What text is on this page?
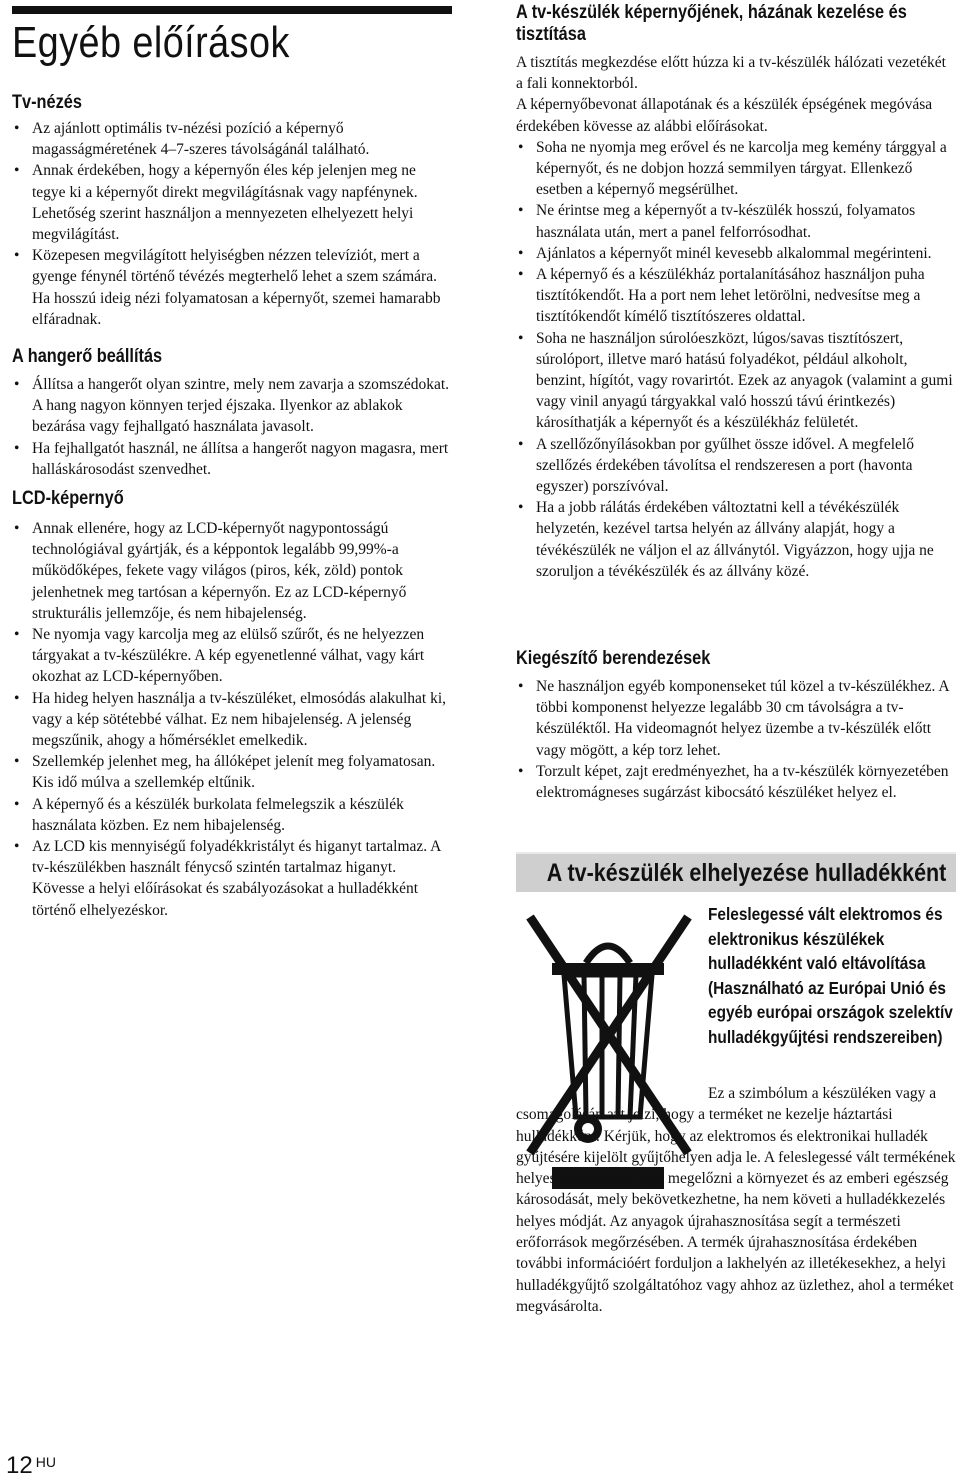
Egyéb előírások
Tv-nézés
• Az ajánlott optimális tv-nézési pozíció a képernyő magasságméretének 4–7-szeres távolságánál található.
• Annak érdekében, hogy a képernyőn éles kép jelenjen meg ne tegye ki a képernyőt direkt megvilágításnak vagy napfénynek. Lehetőség szerint használjon a mennyezeten elhelyezett helyi megvilágítást.
• Közepesen megvilágított helyiségben nézzen televíziót, mert a gyenge fénynél történő tévézés megterhelő lehet a szem számára. Ha hosszú ideig nézi folyamatosan a képernyőt, szemei hamarabb elfáradnak.
A hangerő beállítás
• Állítsa a hangerőt olyan szintre, mely nem zavarja a szomszédokat. A hang nagyon könnyen terjed éjszaka. Ilyenkor az ablakok bezárása vagy fejhallgató használata javasolt.
• Ha fejhallgatót használ, ne állítsa a hangerőt nagyon magasra, mert halláskárosodást szenvedhet.
LCD-képernyő
• Annak ellenére, hogy az LCD-képernyőt nagypontosságú technológiával gyártják, és a képpontok legalább 99,99%-a működőképes, fekete vagy világos (piros, kék, zöld) pontok jelenhetnek meg tartósan a képernyőn. Ez az LCD-képernyő strukturális jellemzője, és nem hibajelenség.
• Ne nyomja vagy karcolja meg az elülső szűrőt, és ne helyezzen tárgyakat a tv-készülékre. A kép egyenetlenné válhat, vagy kárt okozhat az LCD-képernyőben.
• Ha hideg helyen használja a tv-készüléket, elmosódás alakulhat ki, vagy a kép sötétebbé válhat. Ez nem hibajelenség. A jelenség megszűnik, ahogy a hőmérséklet emelkedik.
• Szellemkép jelenhet meg, ha állóképet jelenít meg folyamatosan. Kis idő múlva a szellemkép eltűnik.
• A képernyő és a készülék burkolata felmelegszik a készülék használata közben. Ez nem hibajelenség.
• Az LCD kis mennyiségű folyadékkristályt és higanyt tartalmaz. A tv-készülékben használt fénycső szintén tartalmaz higanyt. Kövesse a helyi előírásokat és szabályozásokat a hulladékként történő elhelyezéskor.
A tv-készülék képernyőjének, házának kezelése és tisztítása

A tisztítás megkezdése előtt húzza ki a tv-készülék hálózati vezetékét a fali konnektorból.

A képernyőbevonat állapotának és a készülék épségének megóvása érdekében kövesse az alábbi előírásokat.

• Soha ne nyomja meg erővel és ne karcolja meg kemény tárggyal a képernyőt, és ne dobjon hozzá semmilyen tárgyat. Ellenkező esetben a képernyő megsérülhet.
• Ne érintse meg a képernyőt a tv-készülék hosszú, folyamatos használata után, mert a panel felforrósodhat.
• Ajánlatos a képernyőt minél kevesebb alkalommal megérinteni.
• A képernyő és a készülékház portalanításához használjon puha tisztítókendőt. Ha a port nem lehet letörölni, nedvesítse meg a tisztítókendőt kímélő tisztítószeres oldattal.
• Soha ne használjon súrolóeszközt, lúgos/savas tisztítószert, súrolóport, illetve maró hatású folyadékot, például alkoholt, benzint, hígítót, vagy rovarirtót. Ezek az anyagok (valamint a gumi vagy vinil anyagú tárgyakkal való hosszú távú érintkezés) károsíthatják a képernyőt és a készülékház felületét.
• A szellőzőnyílásokban por gyűlhet össze idővel. A megfelelő szellőzés érdekében távolítsa el rendszeresen a port (havonta egyszer) porszívóval.
• Ha a jobb rálátás érdekében változtatni kell a tévékészülék helyzetén, kezével tartsa helyén az állvány alapját, hogy a tévékészülék ne váljon el az állványtól. Vigyázzon, hogy ujja ne szoruljon a tévékészülék és az állvány közé.
Kiegészítő berendezések
• Ne használjon egyéb komponenseket túl közel a tv-készülékhez. A többi komponenst helyezze legalább 30 cm távolságra a tv-készüléktől. Ha videomagnót helyez üzembe a tv-készülék előtt vagy mögött, a kép torz lehet.
• Torzult képet, zajt eredményezhet, ha a tv-készülék környezetében elektromágneses sugárzást kibocsátó készüléket helyez el.
A tv-készülék elhelyezése hulladékként
Feleslegessé vált elektromos és elektronikus készülékek hulladékként való eltávolítása (Használható az Európai Unió és egyéb európai országok szelektív hulladékgyűjtési rendszereiben)

Ez a szimbólum a készüléken vagy a csomagolásán azt jelzi, hogy a terméket ne kezelje háztartási hulladékként. Kérjük, hogy az elektromos és elektronikai hulladék gyűjtésére kijelölt gyűjtőhelyen adja le. A feleslegessé vált termékének helyes kezelésével segít megelőzni a környezet és az emberi egészség károsodását, mely bekövetkezhetne, ha nem követi a hulladékkezelés helyes módját. Az anyagok újrahasznosítása segít a természeti erőforrások megőrzésében. A termék újrahasznosítása érdekében további információért forduljon a lakhelyén az illetékesekhez, a helyi hulladékgyűjtő szolgáltatóhoz vagy ahhoz az üzlethez, ahol a terméket megvásárolta.

12 HU
